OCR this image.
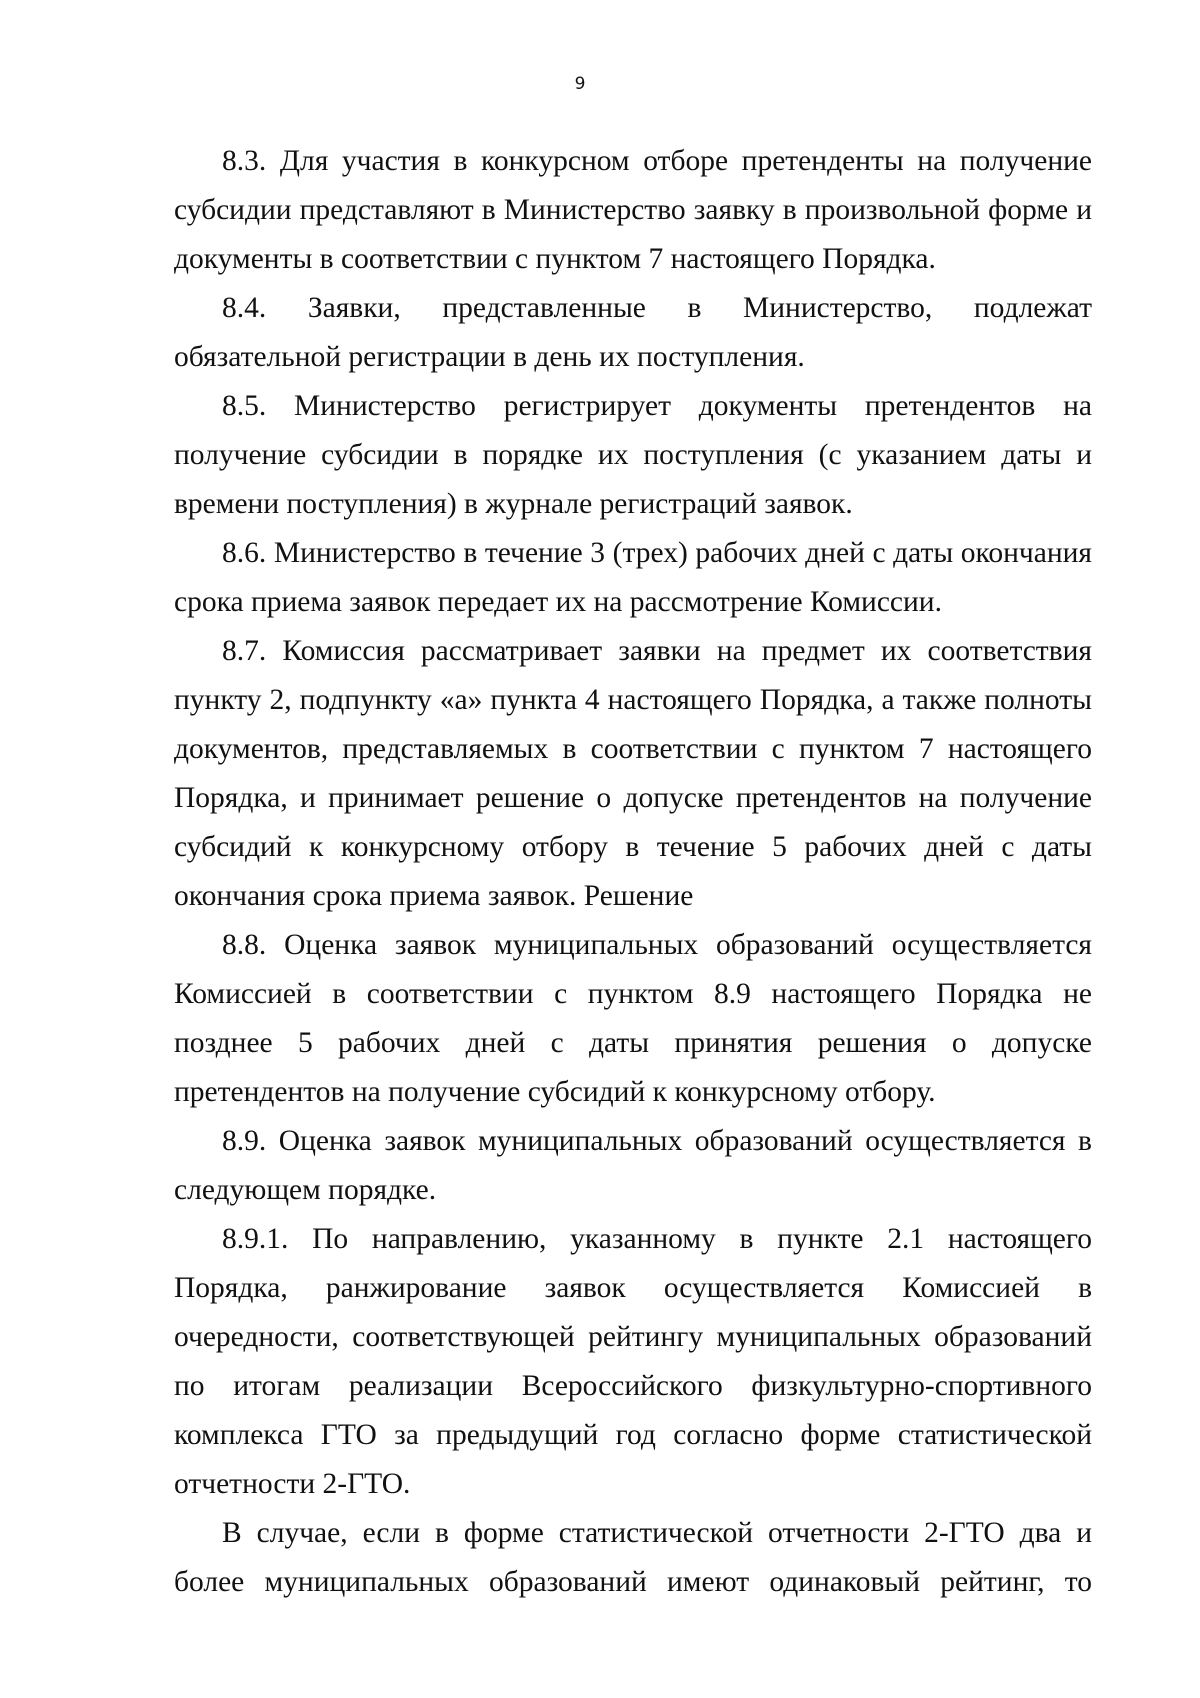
9

8.3. Для участия в конкурсном отборе претенденты на получение субсидии представляют в Министерство заявку в произвольной форме и документы в соответствии с пунктом 7 настоящего Порядка.

8.4. Заявки, представленные в Министерство, подлежат обязательной регистрации в день их поступления.

8.5. Министерство регистрирует документы претендентов на получение субсидии в порядке их поступления (с указанием даты и времени поступления) в журнале регистраций заявок.

8.6. Министерство в течение 3 (трех) рабочих дней с даты окончания срока приема заявок передает их на рассмотрение Комиссии.

8.7. Комиссия рассматривает заявки на предмет их соответствия пункту 2, подпункту «а» пункта 4 настоящего Порядка, а также полноты документов, представляемых в соответствии с пунктом 7 настоящего Порядка, и принимает решение о допуске претендентов на получение субсидий к конкурсному отбору в течение 5 рабочих дней с даты окончания срока приема заявок. Решение

8.8. Оценка заявок муниципальных образований осуществляется Комиссией в соответствии с пунктом 8.9 настоящего Порядка не позднее 5 рабочих дней с даты принятия решения о допуске претендентов на получение субсидий к конкурсному отбору.

8.9. Оценка заявок муниципальных образований осуществляется в следующем порядке.

8.9.1. По направлению, указанному в пункте 2.1 настоящего Порядка, ранжирование заявок осуществляется Комиссией в очередности, соответствующей рейтингу муниципальных образований по итогам реализации Всероссийского физкультурно-спортивного комплекса ГТО за предыдущий год согласно форме статистической отчетности 2-ГТО.

В случае, если в форме статистической отчетности 2-ГТО два и более муниципальных образований имеют одинаковый рейтинг, то
